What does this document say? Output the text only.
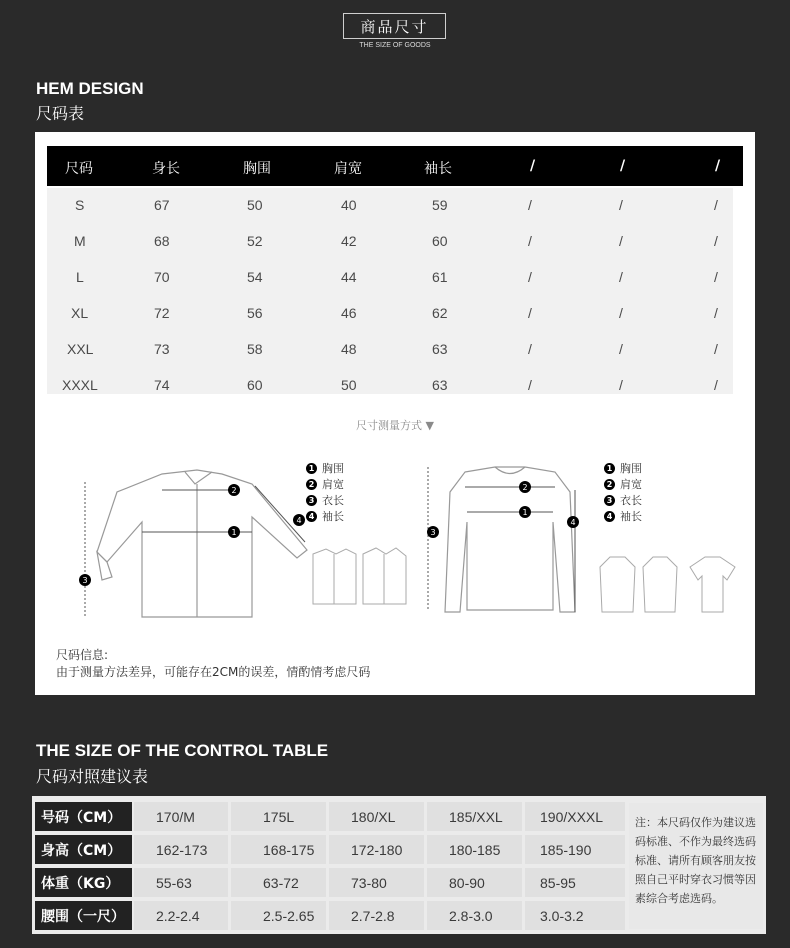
商品尺寸
THE SIZE OF GOODS
HEM DESIGN
尺码表
尺码	身长	胸围	肩宽	袖长	/	/	/
S	67	50	40	59	/	/	/
M	68	52	42	60	/	/	/
L	70	54	44	61	/	/	/
XL	72	56	46	62	/	/	/
XXL	73	58	48	63	/	/	/
XXXL	74	60	50	63	/	/	/
尺寸测量方式 ▼
1
2
3
4
1 胸围
2 肩宽
3 衣长
4 袖长	1
2
3
4
1 胸围
2 肩宽
3 衣长
4 袖长
尺码信息:
由于测量方法差异，可能存在2CM的误差，情酌情考虑尺码
THE SIZE OF THE CONTROL TABLE
尺码对照建议表
号码（CM）	170/M	175L	180/XL	185/XXL	190/XXXL
身高（CM）	162-173	168-175	172-180	180-185	185-190
体重（KG）	55-63	63-72	73-80	80-90	85-95
腰围（一尺）	2.2-2.4	2.5-2.65	2.7-2.8	2.8-3.0	3.0-3.2
注：本尺码仅作为建议选码标准、不作为最终选码标准、请所有顾客朋友按照自己平时穿衣习惯等因素综合考虑选码。
